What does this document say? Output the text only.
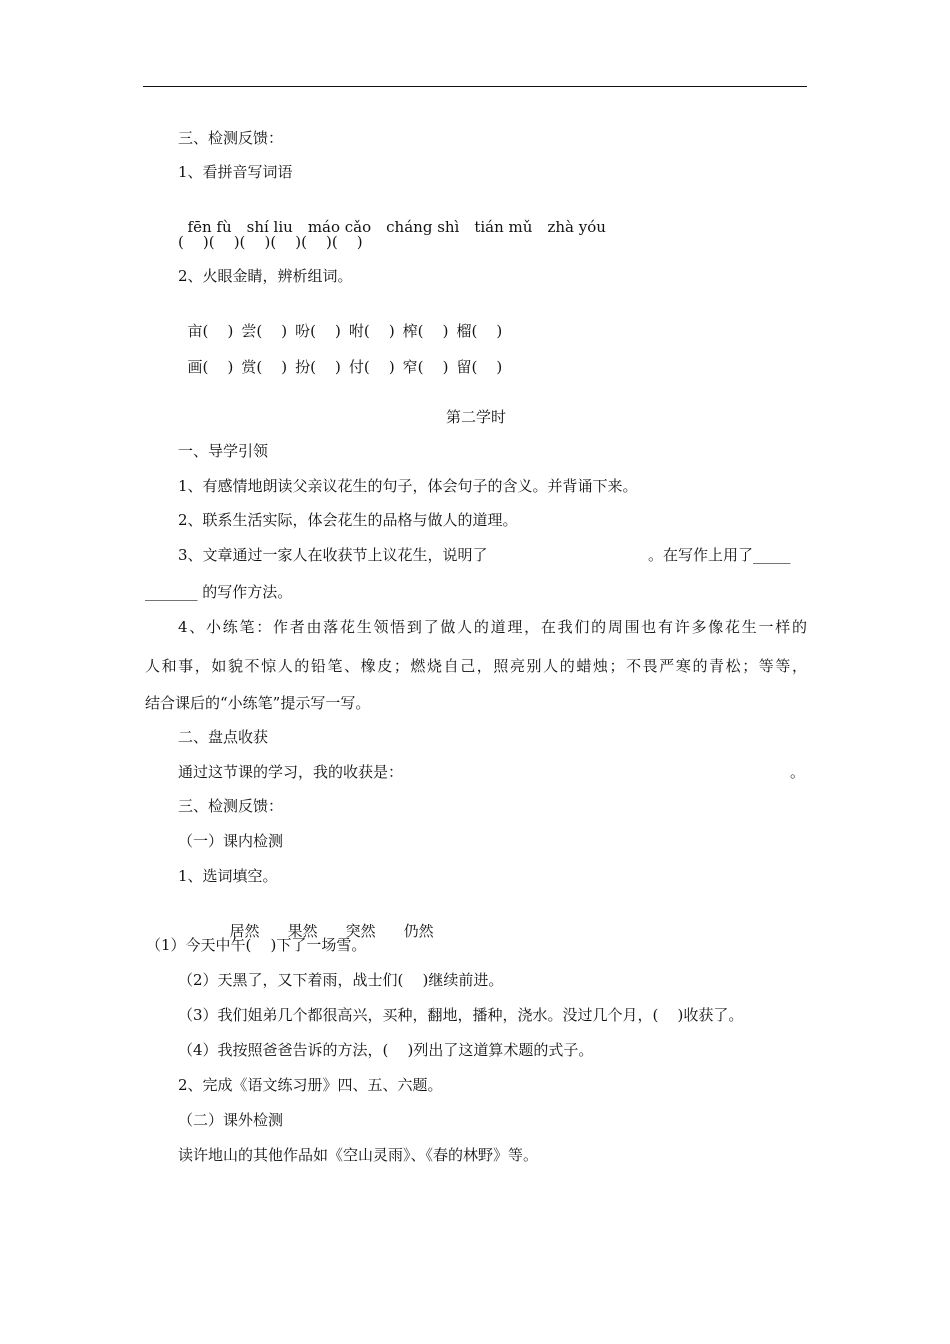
三、检测反馈：
1、看拼音写词语

fēn fù shí liu máo cǎo cháng shì tián mǔ zhà yóu

(    )(    )(    )(    )(    )(    )
2、火眼金睛，辨析组词。

亩(    ) 尝(    ) 吩(    ) 咐(    ) 榨(    ) 榴(    )

画(    ) 赏(    ) 扮(    ) 付(    ) 窄(    ) 留(    )

第二学时
一、导学引领
1、有感情地朗读父亲议花生的句子，体会句子的含义。并背诵下来。
2、联系生活实际，体会花生的品格与做人的道理。
3、文章通过一家人在收获节上议花生，说明了	。在写作上用了_____
_______ 的写作方法。
4、小练笔：作者由落花生领悟到了做人的道理，在我们的周围也有许多像花生一样的
人和事，如貌不惊人的铅笔、橡皮；燃烧自己，照亮别人的蜡烛；不畏严寒的青松；等等，
结合课后的“小练笔”提示写一写。
二、盘点收获
通过这节课的学习，我的收获是：	。
三、检测反馈：
（一）课内检测
1、选词填空。

居然 果然 突然 仍然

（1）今天中午(    )下了一场雪。
（2）天黑了，又下着雨，战士们(    )继续前进。
（3）我们姐弟几个都很高兴，买种，翻地，播种，浇水。没过几个月，(    )收获了。
（4）我按照爸爸告诉的方法，(    )列出了这道算术题的式子。
2、完成《语文练习册》四、五、六题。
（二）课外检测
读许地山的其他作品如《空山灵雨》、《春的林野》等。
